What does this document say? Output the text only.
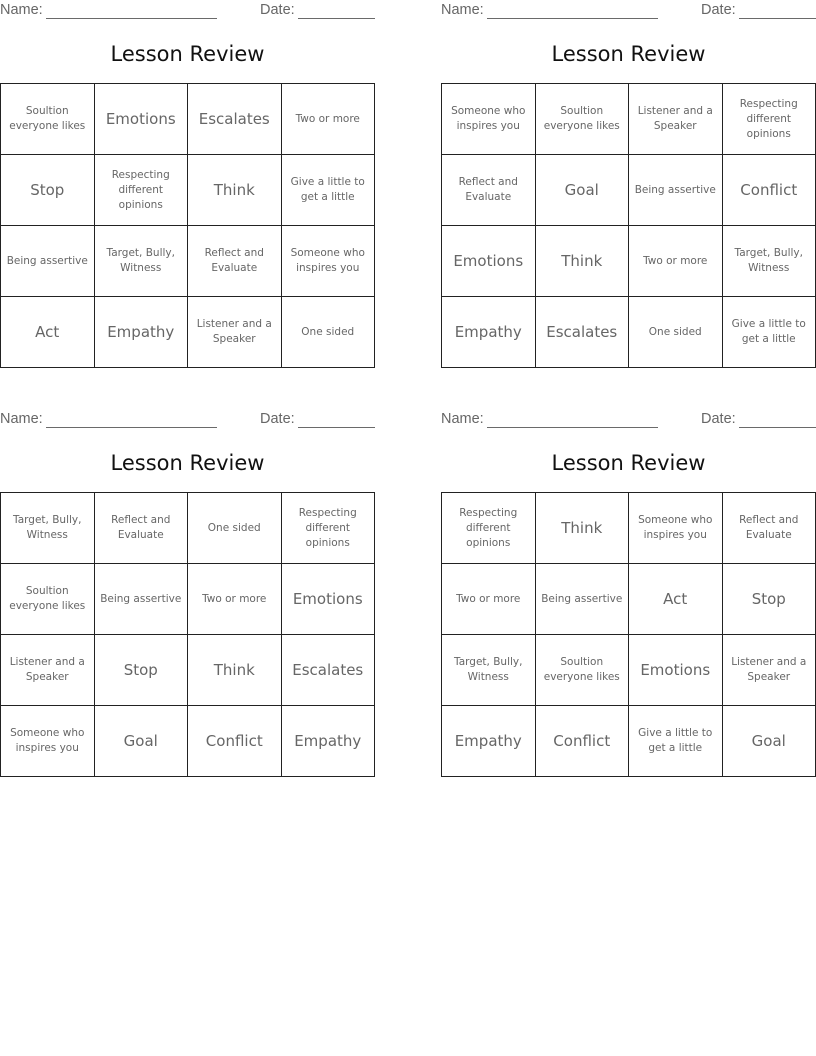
Name:	Date:
Lesson Review
Soultion everyone likes	Emotions	Escalates	Two or more
Stop	Respecting different opinions	Think	Give a little to get a little
Being assertive	Target, Bully, Witness	Reflect and Evaluate	Someone who inspires you
Act	Empathy	Listener and a Speaker	One sided
Name:	Date:
Lesson Review
Someone who inspires you	Soultion everyone likes	Listener and a Speaker	Respecting different opinions
Reflect and Evaluate	Goal	Being assertive	Conflict
Emotions	Think	Two or more	Target, Bully, Witness
Empathy	Escalates	One sided	Give a little to get a little
Name:	Date:
Lesson Review
Target, Bully, Witness	Reflect and Evaluate	One sided	Respecting different opinions
Soultion everyone likes	Being assertive	Two or more	Emotions
Listener and a Speaker	Stop	Think	Escalates
Someone who inspires you	Goal	Conflict	Empathy
Name:	Date:
Lesson Review
Respecting different opinions	Think	Someone who inspires you	Reflect and Evaluate
Two or more	Being assertive	Act	Stop
Target, Bully, Witness	Soultion everyone likes	Emotions	Listener and a Speaker
Empathy	Conflict	Give a little to get a little	Goal
